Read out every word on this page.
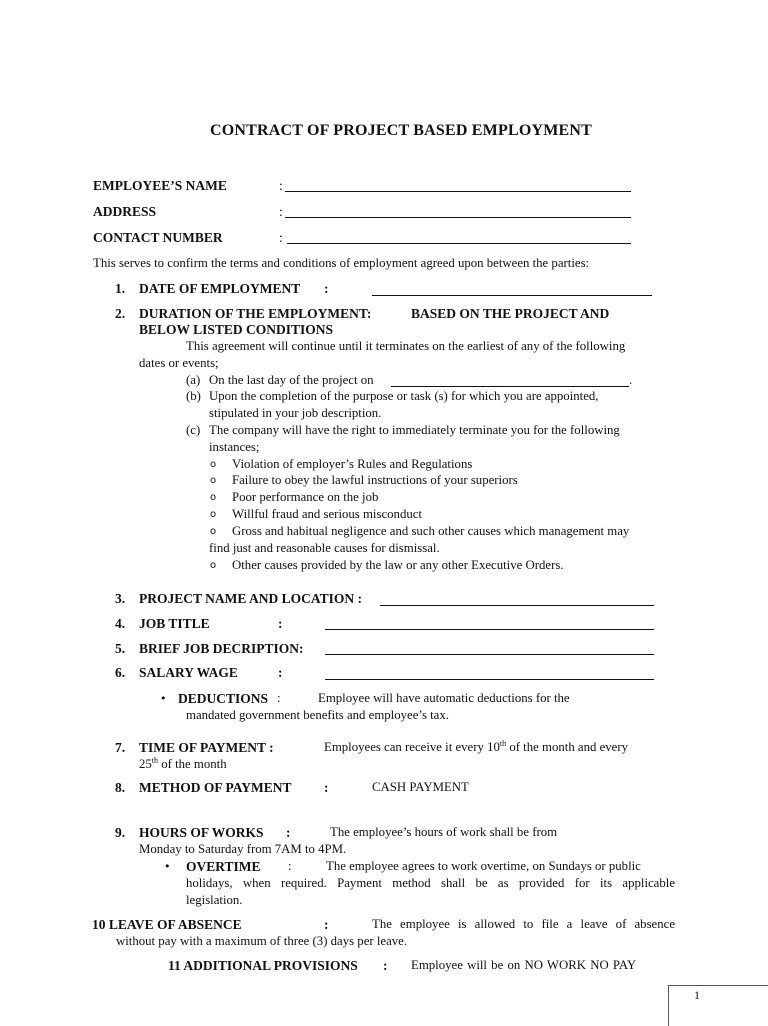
CONTRACT OF PROJECT BASED EMPLOYMENT
EMPLOYEE’S NAME	:
ADDRESS	:
CONTACT NUMBER	:
This serves to confirm the terms and conditions of employment agreed upon between the parties:
1. DATE OF EMPLOYMENT :
2. DURATION OF THE EMPLOYMENT:	BASED ON THE PROJECT AND
BELOW LISTED CONDITIONS
This agreement will continue until it terminates on the earliest of any of the following
dates or events;
(a) On the last day of the project on	.
(b) Upon the completion of the purpose or task (s) for which you are appointed,
stipulated in your job description.
(c) The company will have the right to immediately terminate you for the following
instances;
o Violation of employer’s Rules and Regulations
o Failure to obey the lawful instructions of your superiors
o Poor performance on the job
o Willful fraud and serious misconduct
o Gross and habitual negligence and such other causes which management may
find just and reasonable causes for dismissal.
o Other causes provided by the law or any other Executive Orders.
3. PROJECT NAME AND LOCATION :
4. JOB TITLE	:
5. BRIEF JOB DECRIPTION:
6. SALARY WAGE	:
• DEDUCTIONS :	Employee will have automatic deductions for the
mandated government benefits and employee’s tax.
7. TIME OF PAYMENT :	Employees can receive it every 10th of the month and every
25th of the month
8. METHOD OF PAYMENT :	CASH PAYMENT
9. HOURS OF WORKS :	The employee’s hours of work shall be from
Monday to Saturday from 7AM to 4PM.
• OVERTIME :	The employee agrees to work overtime, on Sundays or public
holidays, when required. Payment method shall be as provided for its applicable
legislation.
10 LEAVE OF ABSENCE	:	The employee is allowed to file a leave of absence
without pay with a maximum of three (3) days per leave.
11 ADDITIONAL PROVISIONS : Employee will be on NO WORK NO PAY
1
